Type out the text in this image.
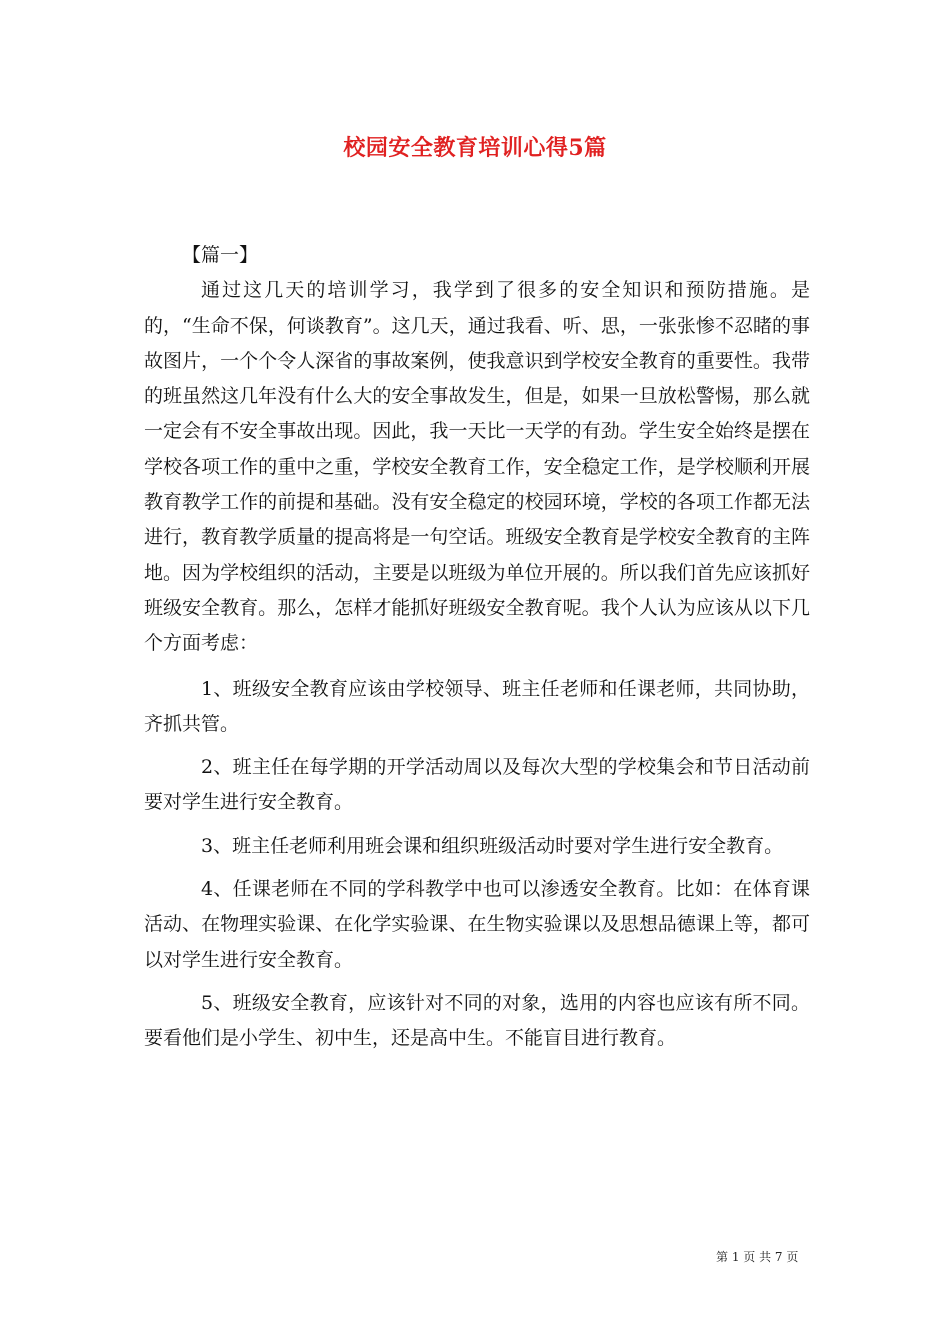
校园安全教育培训心得5篇

【篇一】

通过这几天的培训学习，我学到了很多的安全知识和预防措施。是的，“生命不保，何谈教育”。这几天，通过我看、听、思，一张张惨不忍睹的事故图片，一个个令人深省的事故案例，使我意识到学校安全教育的重要性。我带的班虽然这几年没有什么大的安全事故发生，但是，如果一旦放松警惕，那么就一定会有不安全事故出现。因此，我一天比一天学的有劲。学生安全始终是摆在学校各项工作的重中之重，学校安全教育工作，安全稳定工作，是学校顺利开展教育教学工作的前提和基础。没有安全稳定的校园环境，学校的各项工作都无法进行，教育教学质量的提高将是一句空话。班级安全教育是学校安全教育的主阵地。因为学校组织的活动，主要是以班级为单位开展的。所以我们首先应该抓好班级安全教育。那么，怎样才能抓好班级安全教育呢。我个人认为应该从以下几个方面考虑：

1、班级安全教育应该由学校领导、班主任老师和任课老师，共同协助，齐抓共管。

2、班主任在每学期的开学活动周以及每次大型的学校集会和节日活动前要对学生进行安全教育。

3、班主任老师利用班会课和组织班级活动时要对学生进行安全教育。

4、任课老师在不同的学科教学中也可以渗透安全教育。比如：在体育课活动、在物理实验课、在化学实验课、在生物实验课以及思想品德课上等，都可以对学生进行安全教育。

5、班级安全教育，应该针对不同的对象，选用的内容也应该有所不同。要看他们是小学生、初中生，还是高中生。不能盲目进行教育。

第 1 页 共 7 页
